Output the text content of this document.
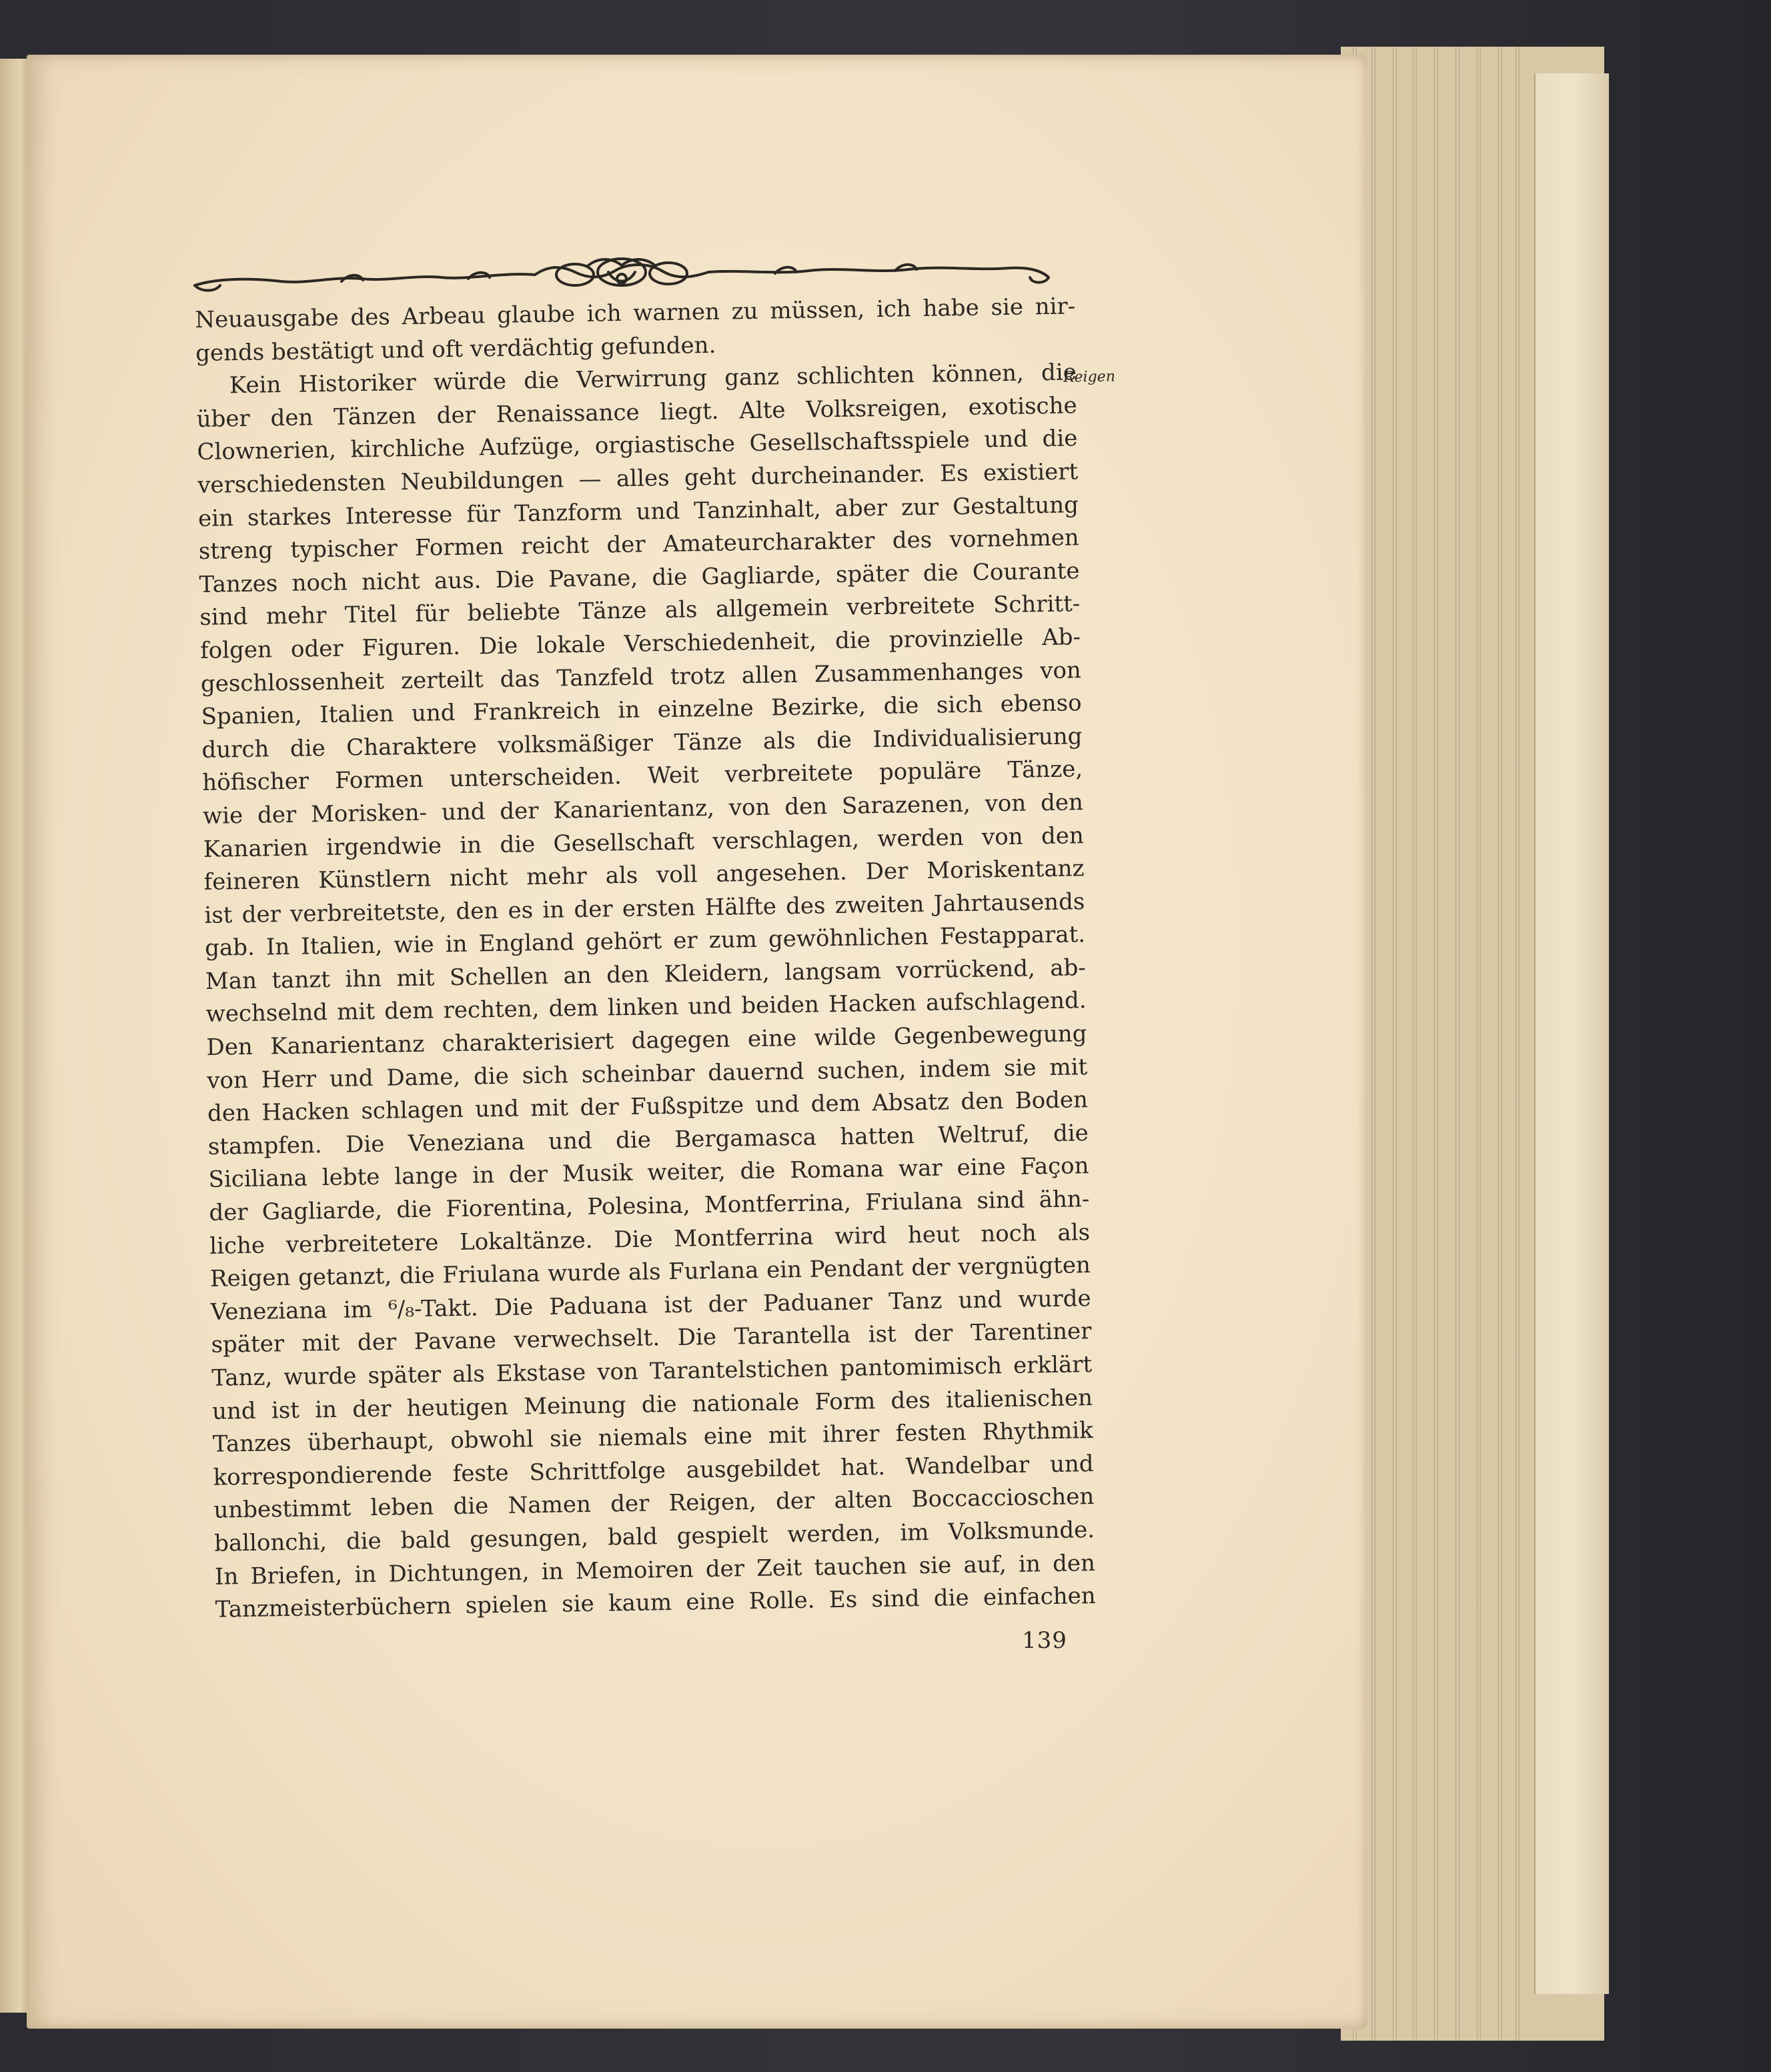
Neuausgabe des Arbeau glaube ich warnen zu müssen, ich habe sie nir-
gends bestätigt und oft verdächtig gefunden.
Kein Historiker würde die Verwirrung ganz schlichten können, die
über den Tänzen der Renaissance liegt. Alte Volksreigen, exotische
Clownerien, kirchliche Aufzüge, orgiastische Gesellschaftsspiele und die
verschiedensten Neubildungen — alles geht durcheinander. Es existiert
ein starkes Interesse für Tanzform und Tanzinhalt, aber zur Gestaltung
streng typischer Formen reicht der Amateurcharakter des vornehmen
Tanzes noch nicht aus. Die Pavane, die Gagliarde, später die Courante
sind mehr Titel für beliebte Tänze als allgemein verbreitete Schritt-
folgen oder Figuren. Die lokale Verschiedenheit, die provinzielle Ab-
geschlossenheit zerteilt das Tanzfeld trotz allen Zusammenhanges von
Spanien, Italien und Frankreich in einzelne Bezirke, die sich ebenso
durch die Charaktere volksmäßiger Tänze als die Individualisierung
höfischer Formen unterscheiden. Weit verbreitete populäre Tänze,
wie der Morisken- und der Kanarientanz, von den Sarazenen, von den
Kanarien irgendwie in die Gesellschaft verschlagen, werden von den
feineren Künstlern nicht mehr als voll angesehen. Der Moriskentanz
ist der verbreitetste, den es in der ersten Hälfte des zweiten Jahrtausends
gab. In Italien, wie in England gehört er zum gewöhnlichen Festapparat.
Man tanzt ihn mit Schellen an den Kleidern, langsam vorrückend, ab-
wechselnd mit dem rechten, dem linken und beiden Hacken aufschlagend.
Den Kanarientanz charakterisiert dagegen eine wilde Gegenbewegung
von Herr und Dame, die sich scheinbar dauernd suchen, indem sie mit
den Hacken schlagen und mit der Fußspitze und dem Absatz den Boden
stampfen. Die Veneziana und die Bergamasca hatten Weltruf, die
Siciliana lebte lange in der Musik weiter, die Romana war eine Façon
der Gagliarde, die Fiorentina, Polesina, Montferrina, Friulana sind ähn-
liche verbreitetere Lokaltänze. Die Montferrina wird heut noch als
Reigen getanzt, die Friulana wurde als Furlana ein Pendant der vergnügten
Veneziana im ⁶/₈-Takt. Die Paduana ist der Paduaner Tanz und wurde
später mit der Pavane verwechselt. Die Tarantella ist der Tarentiner
Tanz, wurde später als Ekstase von Tarantelstichen pantomimisch erklärt
und ist in der heutigen Meinung die nationale Form des italienischen
Tanzes überhaupt, obwohl sie niemals eine mit ihrer festen Rhythmik
korrespondierende feste Schrittfolge ausgebildet hat. Wandelbar und
unbestimmt leben die Namen der Reigen, der alten Boccaccioschen
ballonchi, die bald gesungen, bald gespielt werden, im Volksmunde.
In Briefen, in Dichtungen, in Memoiren der Zeit tauchen sie auf, in den
Tanzmeisterbüchern spielen sie kaum eine Rolle. Es sind die einfachen
Reigen
139
